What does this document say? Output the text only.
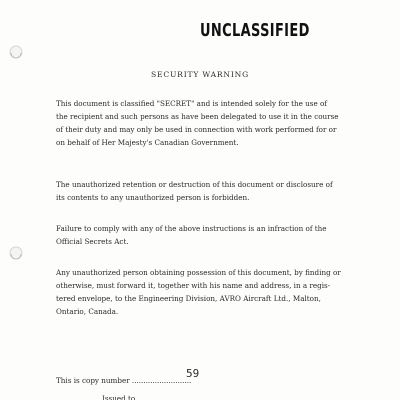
UNCLASSIFIED
SECURITY WARNING

This document is classified "SECRET" and is intended solely for the use of
the recipient and such persons as have been delegated to use it in the course
of their duty and may only be used in connection with work performed for or
on behalf of Her Majesty's Canadian Government.

The unauthorized retention or destruction of this document or disclosure of
its contents to any unauthorized person is forbidden.

Failure to comply with any of the above instructions is an infraction of the
Official Secrets Act.

Any unauthorized person obtaining possession of this document, by finding or
otherwise, must forward it, together with his name and address, in a regis-
tered envelope, to the Engineering Division, AVRO Aircraft Ltd., Malton,
Ontario, Canada.

This is copy number ..........................
59
Issued to .......................
